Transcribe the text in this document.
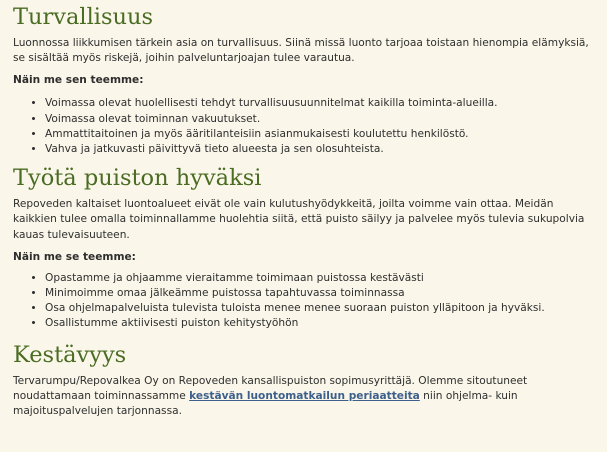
Turvallisuus

Luonnossa liikkumisen tärkein asia on turvallisuus. Siinä missä luonto tarjoaa toistaan hienompia elämyksiä, se sisältää myös riskejä, joihin palveluntarjoajan tulee varautua.

Näin me sen teemme:

• Voimassa olevat huolellisesti tehdyt turvallisuusuunnitelmat kaikilla toiminta-alueilla.
• Voimassa olevat toiminnan vakuutukset.
• Ammattitaitoinen ja myös ääritilanteisiin asianmukaisesti koulutettu henkilöstö.
• Vahva ja jatkuvasti päivittyvä tieto alueesta ja sen olosuhteista.
Työtä puiston hyväksi

Repoveden kaltaiset luontoalueet eivät ole vain kulutushyödykkeitä, joilta voimme vain ottaa. Meidän kaikkien tulee omalla toiminnallamme huolehtia siitä, että puisto säilyy ja palvelee myös tulevia sukupolvia kauas tulevaisuuteen.

Näin me se teemme:

• Opastamme ja ohjaamme vieraitamme toimimaan puistossa kestävästi
• Minimoimme omaa jälkeämme puistossa tapahtuvassa toiminnassa
• Osa ohjelmapalveluista tulevista tuloista menee menee suoraan puiston ylläpitoon ja hyväksi.
• Osallistumme aktiivisesti puiston kehitystyöhön
Kestävyys

Tervarumpu/Repovalkea Oy on Repoveden kansallispuiston sopimusyrittäjä. Olemme sitoutuneet noudattamaan toiminnassamme kestävän luontomatkailun periaatteita niin ohjelma- kuin majoituspalvelujen tarjonnassa.
